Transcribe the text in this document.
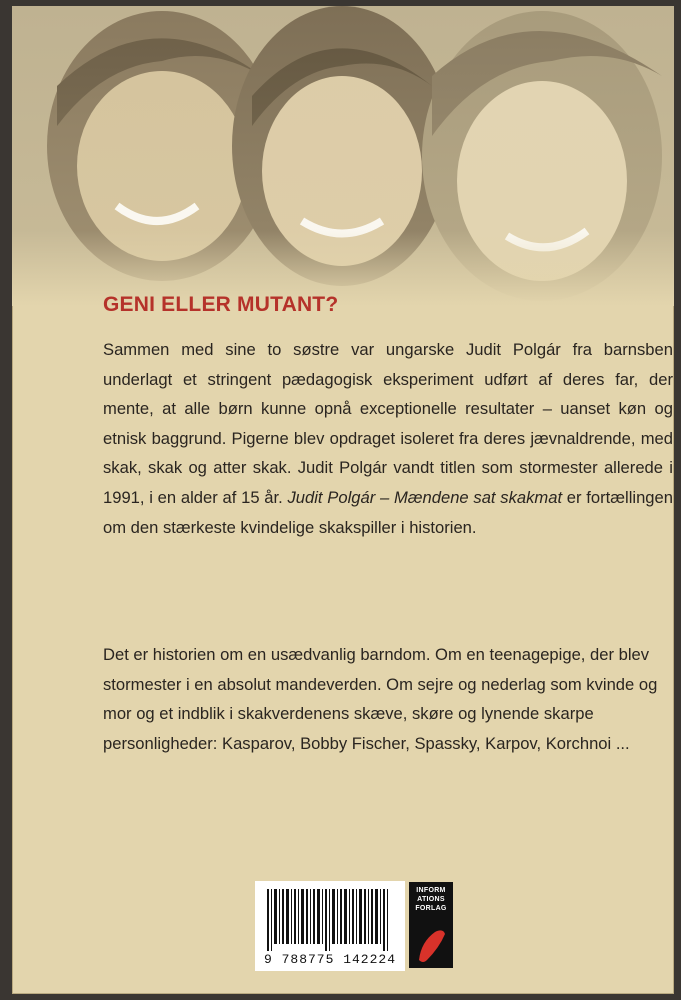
GENI ELLER MUTANT?

Sammen med sine to søstre var ungarske Judit Polgár fra barnsben underlagt et stringent pædagogisk eksperiment udført af deres far, der mente, at alle børn kunne opnå exceptionelle resultater – uanset køn og etnisk baggrund. Pigerne blev opdraget isoleret fra deres jævnaldrende, med skak, skak og atter skak. Judit Polgár vandt titlen som stormester allerede i 1991, i en alder af 15 år. Judit Polgár – Mændene sat skakmat er fortællingen om den stærkeste kvindelige skakspiller i historien.

Det er historien om en usædvanlig barndom. Om en teenagepige, der blev stormester i en absolut mandeverden. Om sejre og nederlag som kvinde og mor og et indblik i skakverdenens skæve, skøre og lynende skarpe personligheder: Kasparov, Bobby Fischer, Spassky, Karpov, Korchnoi ...

9 788775 142224
INFORM
ATIONS
FORLAG
